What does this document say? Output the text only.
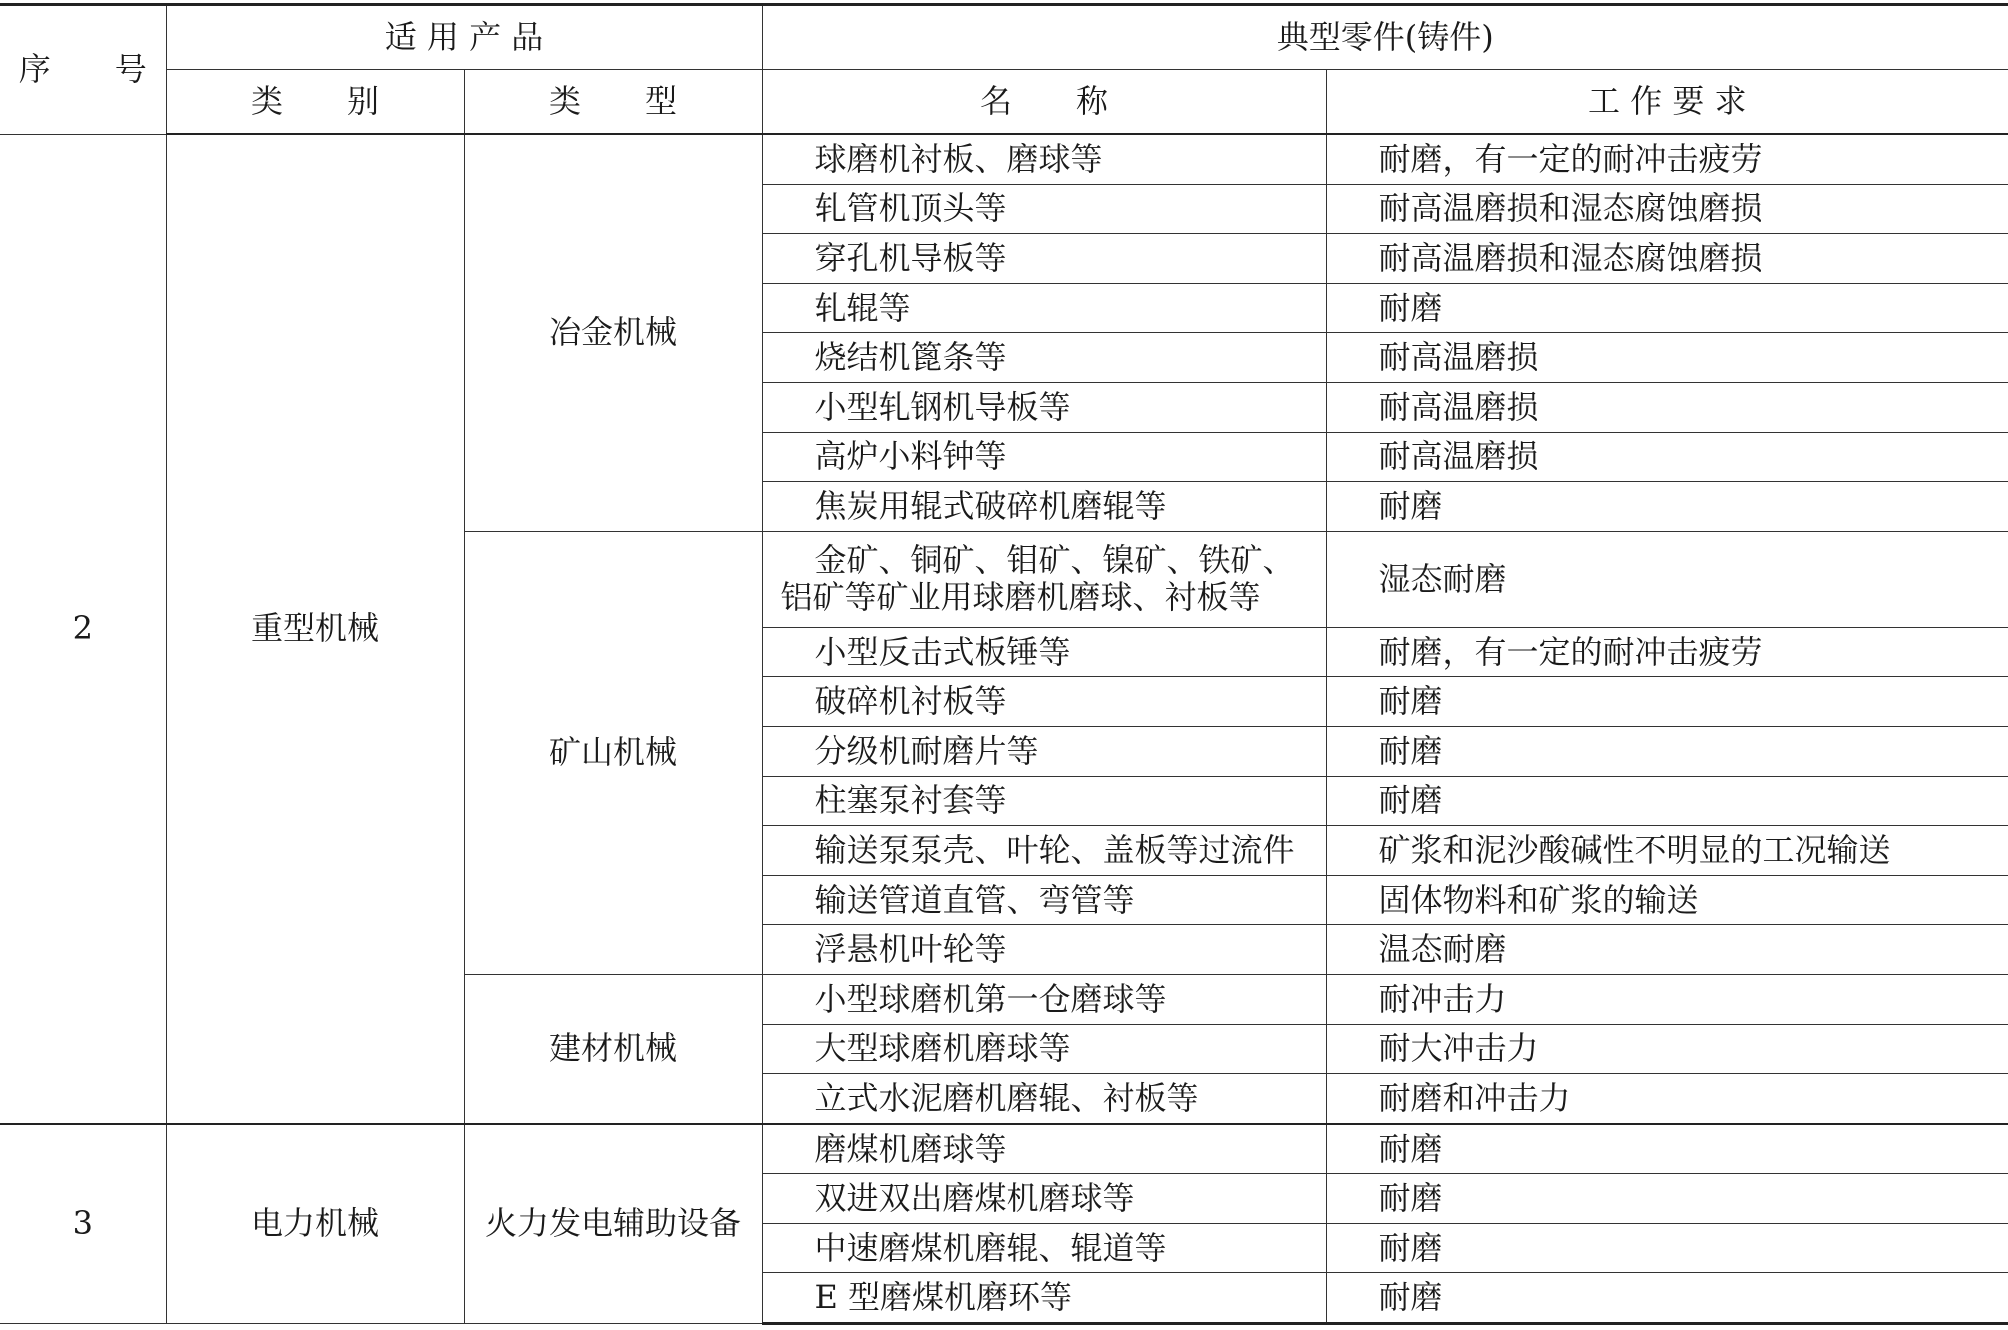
序　　号	适 用 产 品		典型零件(铸件)	
	类　　别	类　　型	名　　称	工 作 要 求
2	重型机械	冶金机械	球磨机衬板、磨球等	耐磨，有一定的耐冲击疲劳
			轧管机顶头等	耐高温磨损和湿态腐蚀磨损
			穿孔机导板等	耐高温磨损和湿态腐蚀磨损
			轧辊等	耐磨
			烧结机篦条等	耐高温磨损
			小型轧钢机导板等	耐高温磨损
			高炉小料钟等	耐高温磨损
			焦炭用辊式破碎机磨辊等	耐磨
		矿山机械	金矿、铜矿、钼矿、镍矿、铁矿、铝矿等矿业用球磨机磨球、衬板等	湿态耐磨
			小型反击式板锤等	耐磨，有一定的耐冲击疲劳
			破碎机衬板等	耐磨
			分级机耐磨片等	耐磨
			柱塞泵衬套等	耐磨
			输送泵泵壳、叶轮、盖板等过流件	矿浆和泥沙酸碱性不明显的工况输送
			输送管道直管、弯管等	固体物料和矿浆的输送
			浮悬机叶轮等	温态耐磨
		建材机械	小型球磨机第一仓磨球等	耐冲击力
			大型球磨机磨球等	耐大冲击力
			立式水泥磨机磨辊、衬板等	耐磨和冲击力
3	电力机械	火力发电辅助设备	磨煤机磨球等	耐磨
			双进双出磨煤机磨球等	耐磨
			中速磨煤机磨辊、辊道等	耐磨
			E 型磨煤机磨环等	耐磨
